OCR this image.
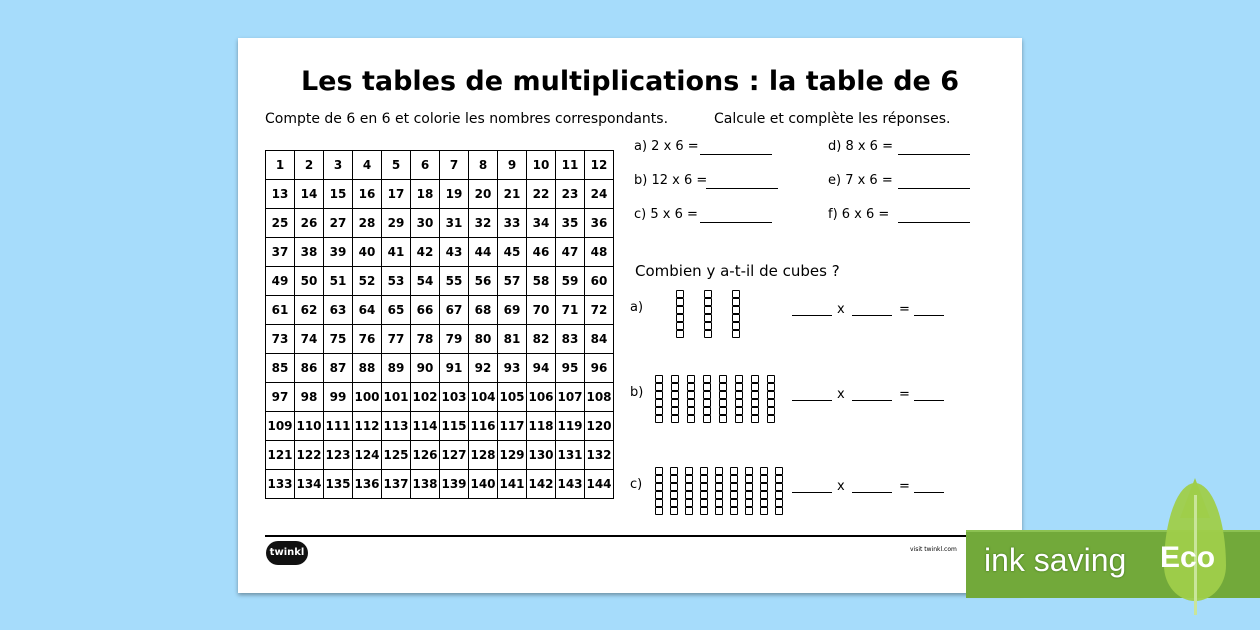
Les tables de multiplications : la table de 6
Compte de 6 en 6 et colorie les nombres correspondants.	Calcule et complète les réponses.
1	2	3	4	5	6	7	8	9	10	11	12
13	14	15	16	17	18	19	20	21	22	23	24
25	26	27	28	29	30	31	32	33	34	35	36
37	38	39	40	41	42	43	44	45	46	47	48
49	50	51	52	53	54	55	56	57	58	59	60
61	62	63	64	65	66	67	68	69	70	71	72
73	74	75	76	77	78	79	80	81	82	83	84
85	86	87	88	89	90	91	92	93	94	95	96
97	98	99	100	101	102	103	104	105	106	107	108
109	110	111	112	113	114	115	116	117	118	119	120
121	122	123	124	125	126	127	128	129	130	131	132
133	134	135	136	137	138	139	140	141	142	143	144
a) 2 x 6 =
b) 12 x 6 =
c) 5 x 6 =
d) 8 x 6 =
e) 7 x 6 =
f) 6 x 6 =
Combien y a-t-il de cubes ?
a)	x	=
b)	x	=
c)	x	=
twinkl	visit twinkl.com ink saving Eco
